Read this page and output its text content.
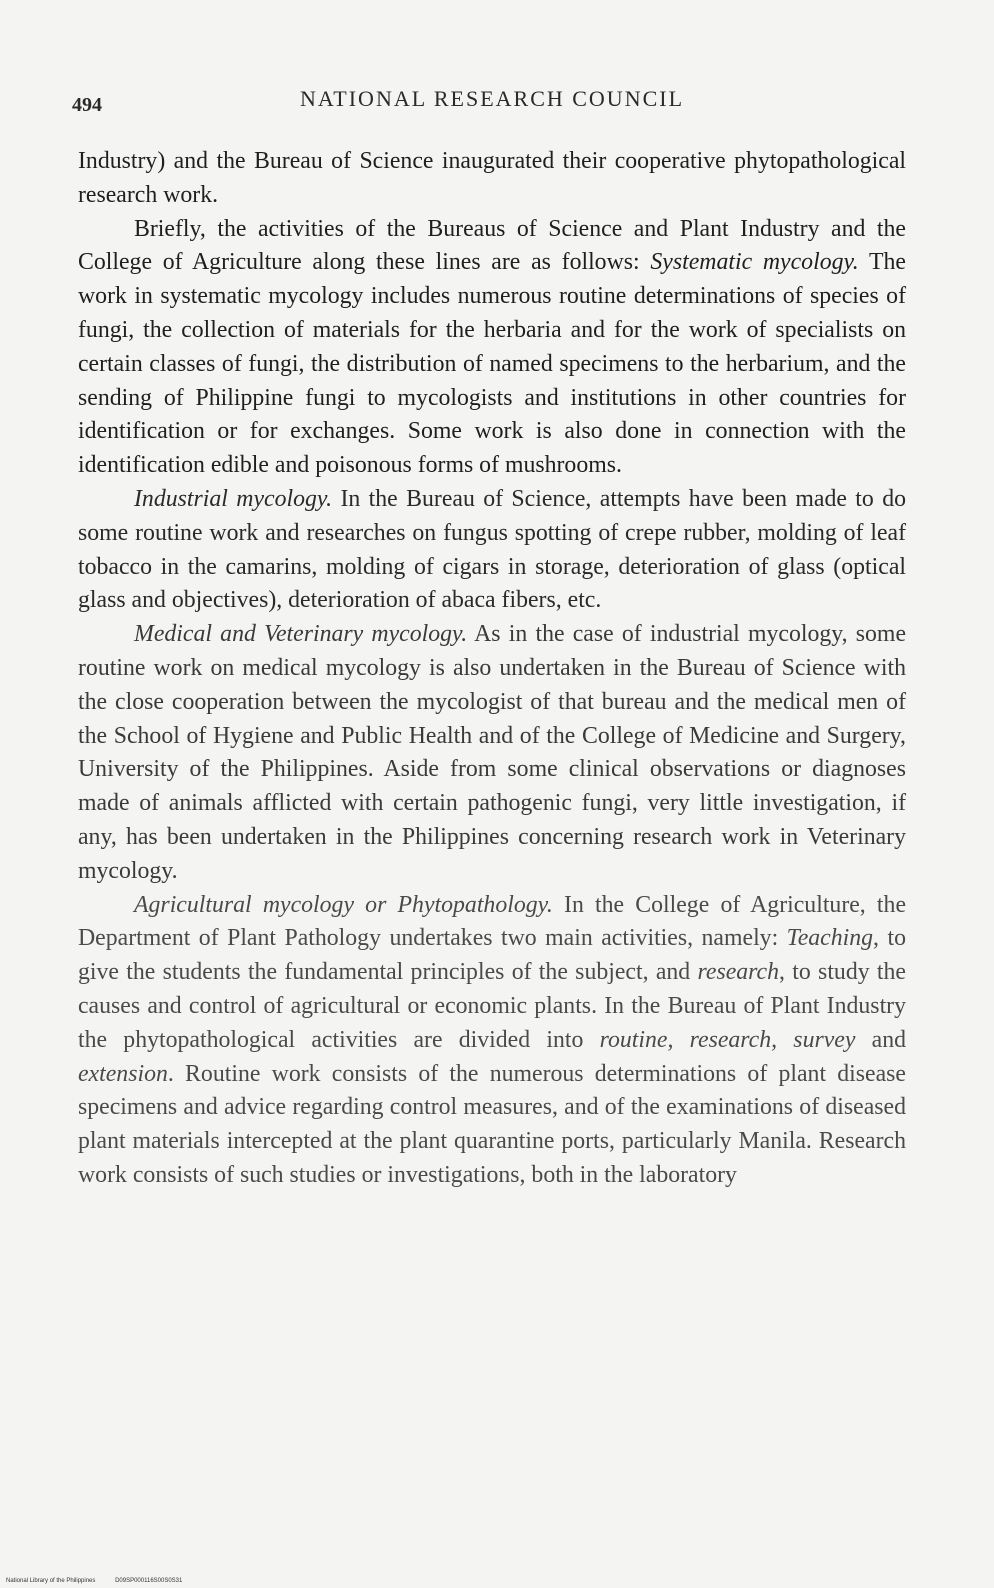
494	NATIONAL RESEARCH COUNCIL

Industry) and the Bureau of Science inaugurated their cooperative phytopathological research work.

Briefly, the activities of the Bureaus of Science and Plant Industry and the College of Agriculture along these lines are as follows: Systematic mycology. The work in systematic mycology includes numerous routine determinations of species of fungi, the collection of materials for the herbaria and for the work of specialists on certain classes of fungi, the distribution of named specimens to the herbarium, and the sending of Philippine fungi to mycologists and institutions in other countries for identification or for exchanges. Some work is also done in connection with the identification edible and poisonous forms of mushrooms.

Industrial mycology. In the Bureau of Science, attempts have been made to do some routine work and researches on fungus spotting of crepe rubber, molding of leaf tobacco in the camarins, molding of cigars in storage, deterioration of glass (optical glass and objectives), deterioration of abaca fibers, etc.

Medical and Veterinary mycology. As in the case of industrial mycology, some routine work on medical mycology is also undertaken in the Bureau of Science with the close cooperation between the mycologist of that bureau and the medical men of the School of Hygiene and Public Health and of the College of Medicine and Surgery, University of the Philippines. Aside from some clinical observations or diagnoses made of animals afflicted with certain pathogenic fungi, very little investigation, if any, has been undertaken in the Philippines concerning research work in Veterinary mycology.

Agricultural mycology or Phytopathology. In the College of Agriculture, the Department of Plant Pathology undertakes two main activities, namely: Teaching, to give the students the fundamental principles of the subject, and research, to study the causes and control of agricultural or economic plants. In the Bureau of Plant Industry the phytopathological activities are divided into routine, research, survey and extension. Routine work consists of the numerous determinations of plant disease specimens and advice regarding control measures, and of the examinations of diseased plant materials intercepted at the plant quarantine ports, particularly Manila. Research work consists of such studies or investigations, both in the laboratory

National Library of the Philippines	D09SP000116S00S0S31
